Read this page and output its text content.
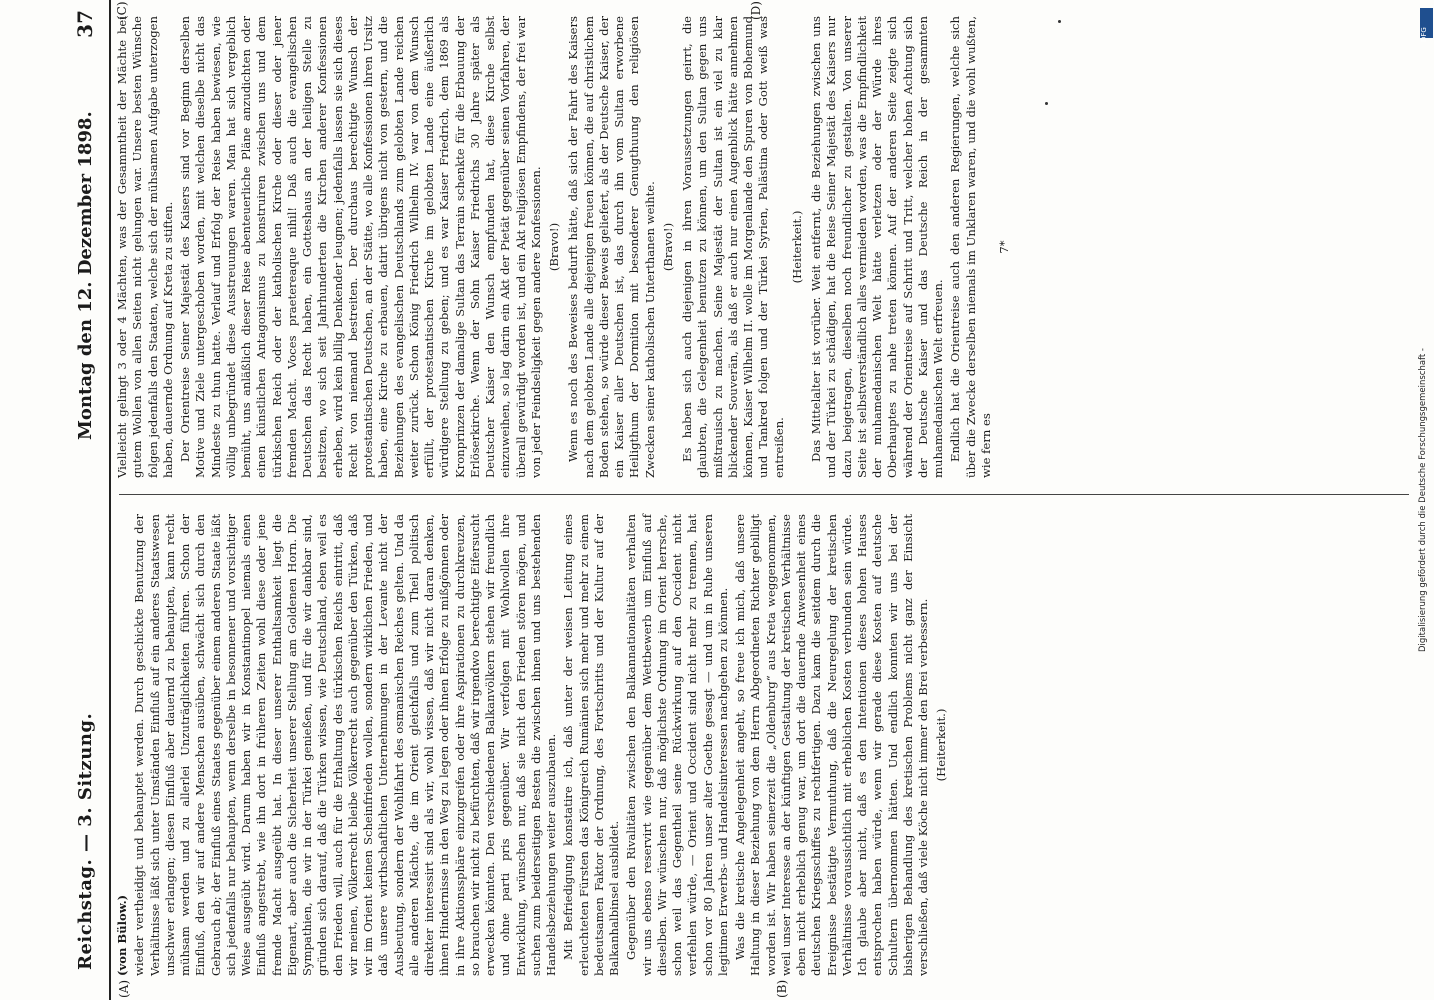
Reichstag. — 3. Sitzung.
Montag den 12. Dezember 1898.
37
(A)	(B)
(C)	(D)

(von Bülow.) wieder vertheidigt und behauptet werden. Durch geschickte Benutzung der Verhältnisse läßt sich unter Umständen Einfluß auf ein anderes Staatswesen unschwer erlangen; diesen Einfluß aber dauernd zu behaupten, kann recht mühsam werden und zu allerlei Unzuträglichkeiten führen. Schon der Einfluß, den wir auf andere Menschen ausüben, schwächt sich durch den Gebrauch ab; der Einfluß eines Staates gegenüber einem anderen Staate läßt sich jedenfalls nur behaupten, wenn derselbe in besonnener und vorsichtiger Weise ausgeübt wird. Darum haben wir in Konstantinopel niemals einen Einfluß angestrebt, wie ihn dort in früheren Zeiten wohl diese oder jene fremde Macht ausgeübt hat. In dieser unserer Enthaltsamkeit liegt die Eigenart, aber auch die Sicherheit unserer Stellung am Goldenen Horn. Die Sympathien, die wir in der Türkei genießen, und für die wir dankbar sind, gründen sich darauf, daß die Türken wissen, wie Deutschland, eben weil es den Frieden will, auch für die Erhaltung des türkischen Reichs eintritt, daß wir meinen, Völkerrecht bleibe Völkerrecht auch gegenüber den Türken, daß wir im Orient keinen Scheinfrieden wollen, sondern wirklichen Frieden, und daß unsere wirthschaftlichen Unternehmungen in der Levante nicht der Ausbeutung, sondern der Wohlfahrt des osmanischen Reiches gelten. Und da alle anderen Mächte, die im Orient gleichfalls und zum Theil politisch direkter interessirt sind als wir, wohl wissen, daß wir nicht daran denken, ihnen Hindernisse in den Weg zu legen oder ihnen Erfolge zu mißgönnen oder in ihre Aktionssphäre einzugreifen oder ihre Aspirationen zu durchkreuzen, so brauchen wir nicht zu befürchten, daß wir irgendwo berechtigte Eifersucht erwecken könnten. Den verschiedenen Balkanvölkern stehen wir freundlich und ohne parti pris gegenüber. Wir verfolgen mit Wohlwollen ihre Entwicklung, wünschen nur, daß sie nicht den Frieden stören mögen, und suchen zum beiderseitigen Besten die zwischen ihnen und uns bestehenden Handelsbeziehungen weiter auszubauen. Mit Befriedigung konstatire ich, daß unter der weisen Leitung eines erleuchteten Fürsten das Königreich Rumänien sich mehr und mehr zu einem bedeutsamen Faktor der Ordnung, des Fortschritts und der Kultur auf der Balkanhalbinsel ausbildet. Gegenüber den Rivalitäten zwischen den Balkannationalitäten verhalten wir uns ebenso reservirt wie gegenüber dem Wettbewerb um Einfluß auf dieselben. Wir wünschen nur, daß möglichste Ordnung im Orient herrsche, schon weil das Gegentheil seine Rückwirkung auf den Occident nicht verfehlen würde, — Orient und Occident sind nicht mehr zu trennen, hat schon vor 80 Jahren unser alter Goethe gesagt — und um in Ruhe unseren legitimen Erwerbs- und Handelsinteressen nachgehen zu können. Was die kretische Angelegenheit angeht, so freue ich mich, daß unsere Haltung in dieser Beziehung von dem Herrn Abgeordneten Richter gebilligt worden ist. Wir haben seinerzeit die „Oldenburg“ aus Kreta weggenommen, weil unser Interesse an der künftigen Gestaltung der kretischen Verhältnisse eben nicht erheblich genug war, um dort die dauernde Anwesenheit eines deutschen Kriegsschiffes zu rechtfertigen. Dazu kam die seitdem durch die Ereignisse bestätigte Vermuthung, daß die Neuregelung der kretischen Verhältnisse voraussichtlich mit erheblichen Kosten verbunden sein würde. Ich glaube aber nicht, daß es den Intentionen dieses hohen Hauses entsprochen haben würde, wenn wir gerade diese Kosten auf deutsche Schultern übernommen hätten. Und endlich konnten wir uns bei der bisherigen Behandlung des kretischen Problems nicht ganz der Einsicht verschließen, daß viele Köche nicht immer den Brei verbessern. (Heiterkeit.)

Vielleicht gelingt 3 oder 4 Mächten, was der Gesammtheit der Mächte bei gutem Wollen von allen Seiten nicht gelungen war. Unsere besten Wünsche folgen jedenfalls den Staaten, welche sich der mühsamen Aufgabe unterzogen haben, dauernde Ordnung auf Kreta zu stiften. Der Orientreise Seiner Majestät des Kaisers sind vor Beginn derselben Motive und Ziele untergeschoben worden, mit welchen dieselbe nicht das Mindeste zu thun hatte. Verlauf und Erfolg der Reise haben bewiesen, wie völlig unbegründet diese Ausstreuungen waren. Man hat sich vergeblich bemüht, uns anläßlich dieser Reise abenteuerliche Pläne anzudichten oder einen künstlichen Antagonismus zu konstruiren zwischen uns und dem türkischen Reich oder der katholischen Kirche oder dieser oder jener fremden Macht. Voces praetereaque nihil! Daß auch die evangelischen Deutschen das Recht haben, ein Gotteshaus an der heiligen Stelle zu besitzen, wo sich seit Jahrhunderten die Kirchen anderer Konfessionen erheben, wird kein billig Denkender leugnen; jedenfalls lassen sie sich dieses Recht von niemand bestreiten. Der durchaus berechtigte Wunsch der protestantischen Deutschen, an der Stätte, wo alle Konfessionen ihren Ursitz haben, eine Kirche zu erbauen, datirt übrigens nicht von gestern, und die Beziehungen des evangelischen Deutschlands zum gelobten Lande reichen weiter zurück. Schon König Friedrich Wilhelm IV. war von dem Wunsch erfüllt, der protestantischen Kirche im gelobten Lande eine äußerlich würdigere Stellung zu geben; und es war Kaiser Friedrich, dem 1869 als Kronprinzen der damalige Sultan das Terrain schenkte für die Erbauung der Erlöserkirche. Wenn der Sohn Kaiser Friedrichs 30 Jahre später als Deutscher Kaiser den Wunsch empfunden hat, diese Kirche selbst einzuweihen, so lag darin ein Akt der Pietät gegenüber seinen Vorfahren, der überall gewürdigt worden ist, und ein Akt religiösen Empfindens, der frei war von jeder Feindseligkeit gegen andere Konfessionen. (Bravo!) Wenn es noch des Beweises bedurft hätte, daß sich der Fahrt des Kaisers nach dem gelobten Lande alle diejenigen freuen können, die auf christlichem Boden stehen, so würde dieser Beweis geliefert, als der Deutsche Kaiser, der ein Kaiser aller Deutschen ist, das durch ihn vom Sultan erworbene Heiligthum der Dormition mit besonderer Genugthuung den religiösen Zwecken seiner katholischen Unterthanen weihte. (Bravo!) Es haben sich auch diejenigen in ihren Voraussetzungen geirrt, die glaubten, die Gelegenheit benutzen zu können, um den Sultan gegen uns mißtrauisch zu machen. Seine Majestät der Sultan ist ein viel zu klar blickender Souverän, als daß er auch nur einen Augenblick hätte annehmen können, Kaiser Wilhelm II. wolle im Morgenlande den Spuren von Bohemund und Tankred folgen und der Türkei Syrien, Palästina oder Gott weiß was entreißen.

(Heiterkeit.) Das Mittelalter ist vorüber. Weit entfernt, die Beziehungen zwischen uns und der Türkei zu schädigen, hat die Reise Seiner Majestät des Kaisers nur dazu beigetragen, dieselben noch freundlicher zu gestalten. Von unserer Seite ist selbstverständlich alles vermieden worden, was die Empfindlichkeit der muhamedanischen Welt hätte verletzen oder der Würde ihres Oberhauptes zu nahe treten können. Auf der anderen Seite zeigte sich während der Orientreise auf Schritt und Tritt, welcher hohen Achtung sich der Deutsche Kaiser und das Deutsche Reich in der gesammten muhamedanischen Welt erfreuen. Endlich hat die Orientreise auch den anderen Regierungen, welche sich über die Zwecke derselben niemals im Unklaren waren, und die wohl wußten, wie fern es

7*

Digitalisierung gefördert durch die Deutsche Forschungsgemeinschaft -
DFG
